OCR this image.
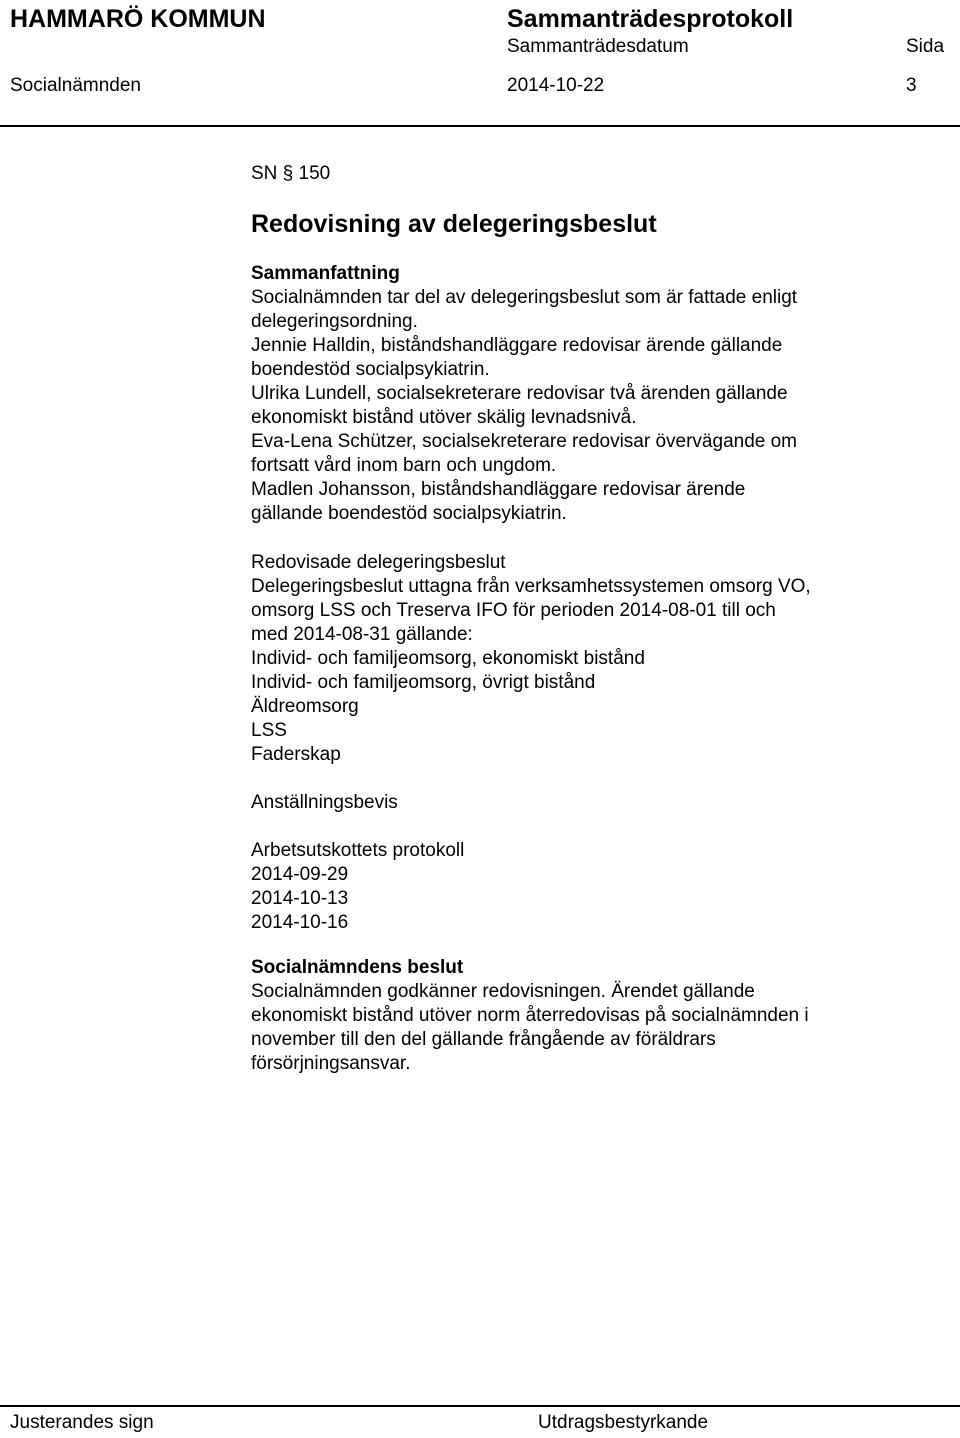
HAMMARÖ KOMMUN	Sammanträdesprotokoll
Sammanträdesdatum	Sida
Socialnämnden	2014-10-22	3
SN § 150
Redovisning av delegeringsbeslut

Sammanfattning

Socialnämnden tar del av delegeringsbeslut som är fattade enligt

delegeringsordning.

Jennie Halldin, biståndshandläggare redovisar ärende gällande

boendestöd socialpsykiatrin.

Ulrika Lundell, socialsekreterare redovisar två ärenden gällande

ekonomiskt bistånd utöver skälig levnadsnivå.

Eva-Lena Schützer, socialsekreterare redovisar övervägande om

fortsatt vård inom barn och ungdom.

Madlen Johansson, biståndshandläggare redovisar ärende

gällande boendestöd socialpsykiatrin.

Redovisade delegeringsbeslut

Delegeringsbeslut uttagna från verksamhetssystemen omsorg VO,

omsorg LSS och Treserva IFO för perioden 2014-08-01 till och

med 2014-08-31 gällande:

Individ- och familjeomsorg, ekonomiskt bistånd

Individ- och familjeomsorg, övrigt bistånd

Äldreomsorg

LSS

Faderskap

Anställningsbevis

Arbetsutskottets protokoll

2014-09-29

2014-10-13

2014-10-16

Socialnämndens beslut

Socialnämnden godkänner redovisningen. Ärendet gällande

ekonomiskt bistånd utöver norm återredovisas på socialnämnden i

november till den del gällande frångående av föräldrars

försörjningsansvar.

Justerandes sign	Utdragsbestyrkande
